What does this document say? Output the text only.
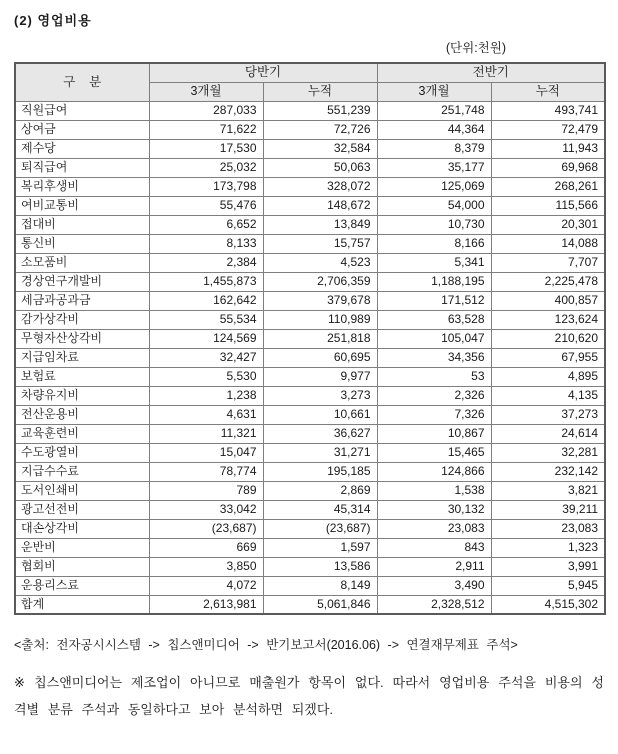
(2) 영업비용
(단위:천원)
구    분	당반기		전반기	
	3개월	누적	3개월	누적
직원급여	287,033	551,239	251,748	493,741
상여금	71,622	72,726	44,364	72,479
제수당	17,530	32,584	8,379	11,943
퇴직급여	25,032	50,063	35,177	69,968
복리후생비	173,798	328,072	125,069	268,261
여비교통비	55,476	148,672	54,000	115,566
접대비	6,652	13,849	10,730	20,301
통신비	8,133	15,757	8,166	14,088
소모품비	2,384	4,523	5,341	7,707
경상연구개발비	1,455,873	2,706,359	1,188,195	2,225,478
세금과공과금	162,642	379,678	171,512	400,857
감가상각비	55,534	110,989	63,528	123,624
무형자산상각비	124,569	251,818	105,047	210,620
지급임차료	32,427	60,695	34,356	67,955
보험료	5,530	9,977	53	4,895
차량유지비	1,238	3,273	2,326	4,135
전산운용비	4,631	10,661	7,326	37,273
교육훈련비	11,321	36,627	10,867	24,614
수도광열비	15,047	31,271	15,465	32,281
지급수수료	78,774	195,185	124,866	232,142
도서인쇄비	789	2,869	1,538	3,821
광고선전비	33,042	45,314	30,132	39,211
대손상각비	(23,687)	(23,687)	23,083	23,083
운반비	669	1,597	843	1,323
협회비	3,850	13,586	2,911	3,991
운용리스료	4,072	8,149	3,490	5,945
합계	2,613,981	5,061,846	2,328,512	4,515,302
<출처: 전자공시시스템 -> 칩스앤미디어 -> 반기보고서(2016.06) -> 연결재무제표 주석>

※ 칩스앤미디어는 제조업이 아니므로 매출원가 항목이 없다. 따라서 영업비용 주석을 비용의 성격별 분류 주석과 동일하다고 보아 분석하면 되겠다.
